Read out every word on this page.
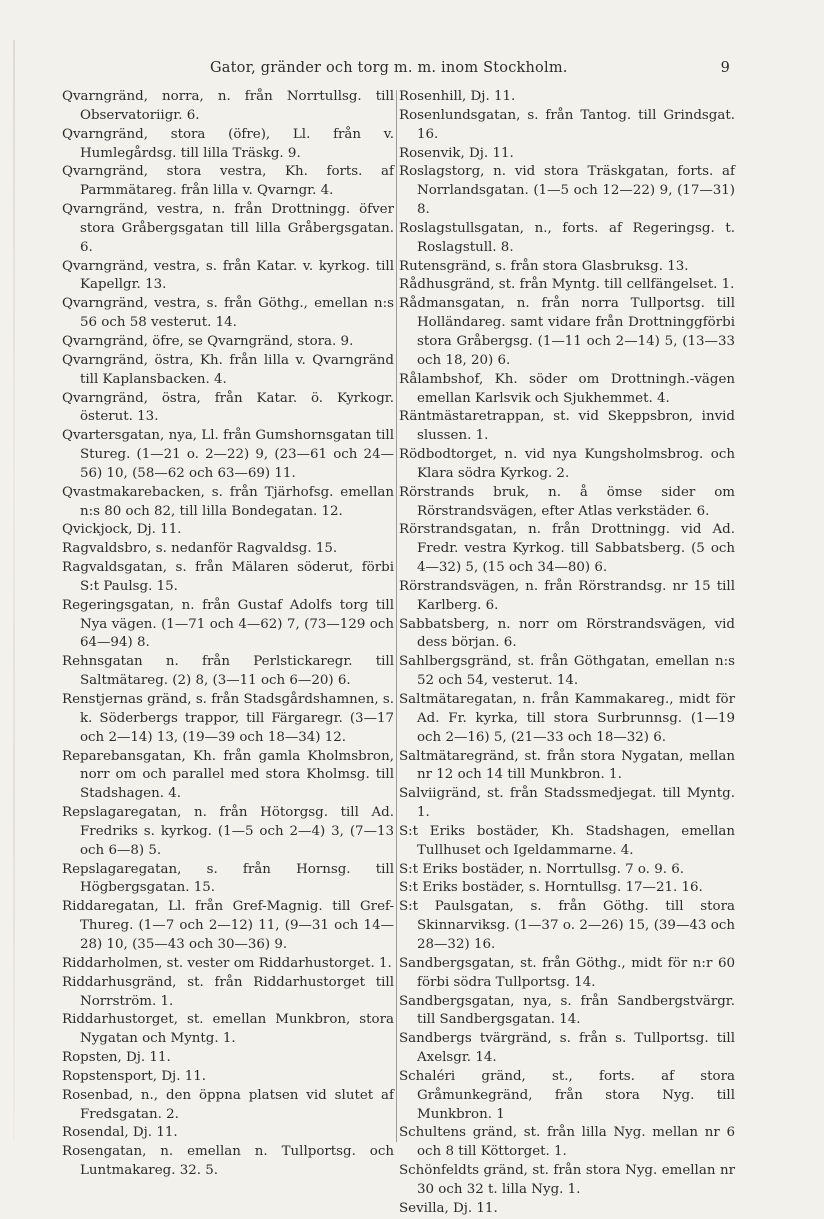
Gator, gränder och torg m. m. inom Stockholm.	9
Qvarngränd, norra, n. från Norrtullsg. till Observatoriigr. 6.
Qvarngränd, stora (öfre), Ll. från v. Humlegårdsg. till lilla Träskg. 9.
Qvarngränd, stora vestra, Kh. forts. af Parmmätareg. från lilla v. Qvarngr. 4.
Qvarngränd, vestra, n. från Drottningg. öfver stora Gråbergsgatan till lilla Gråbergsgatan. 6.
Qvarngränd, vestra, s. från Katar. v. kyrkog. till Kapellgr. 13.
Qvarngränd, vestra, s. från Göthg., emellan n:s 56 och 58 vesterut. 14.
Qvarngränd, öfre, se Qvarngränd, stora. 9.
Qvarngränd, östra, Kh. från lilla v. Qvarngränd till Kaplansbacken. 4.
Qvarngränd, östra, från Katar. ö. Kyrkogr. österut. 13.
Qvartersgatan, nya, Ll. från Gumshornsgatan till Stureg. (1—21 o. 2—22) 9, (23—61 och 24—56) 10, (58—62 och 63—69) 11.
Qvastmakarebacken, s. från Tjärhofsg. emellan n:s 80 och 82, till lilla Bondegatan. 12.
Qvickjock, Dj. 11.
Ragvaldsbro, s. nedanför Ragvaldsg. 15.
Ragvaldsgatan, s. från Mälaren söderut, förbi S:t Paulsg. 15.
Regeringsgatan, n. från Gustaf Adolfs torg till Nya vägen. (1—71 och 4—62) 7, (73—129 och 64—94) 8.
Rehnsgatan n. från Perlstickaregr. till Saltmätareg. (2) 8, (3—11 och 6—20) 6.
Renstjernas gränd, s. från Stadsgårdshamnen, s. k. Söderbergs trappor, till Färgaregr. (3—17 och 2—14) 13, (19—39 och 18—34) 12.
Reparebansgatan, Kh. från gamla Kholmsbron, norr om och parallel med stora Kholmsg. till Stadshagen. 4.
Repslagaregatan, n. från Hötorgsg. till Ad. Fredriks s. kyrkog. (1—5 och 2—4) 3, (7—13 och 6—8) 5.
Repslagaregatan, s. från Hornsg. till Högbergsgatan. 15.
Riddaregatan, Ll. från Gref-Magnig. till Gref-Thureg. (1—7 och 2—12) 11, (9—31 och 14—28) 10, (35—43 och 30—36) 9.
Riddarholmen, st. vester om Riddarhustorget. 1.
Riddarhusgränd, st. från Riddarhustorget till Norrström. 1.
Riddarhustorget, st. emellan Munkbron, stora Nygatan och Myntg. 1.
Ropsten, Dj. 11.
Ropstensport, Dj. 11.
Rosenbad, n., den öppna platsen vid slutet af Fredsgatan. 2.
Rosendal, Dj. 11.
Rosengatan, n. emellan n. Tullportsg. och Luntmakareg. 32. 5.
Rosenhill, Dj. 11.
Rosenlundsgatan, s. från Tantog. till Grindsgat. 16.
Rosenvik, Dj. 11.
Roslagstorg, n. vid stora Träskgatan, forts. af Norrlandsgatan. (1—5 och 12—22) 9, (17—31) 8.
Roslagstullsgatan, n., forts. af Regeringsg. t. Roslagstull. 8.
Rutensgränd, s. från stora Glasbruksg. 13.
Rådhusgränd, st. från Myntg. till cellfängelset. 1.
Rådmansgatan, n. från norra Tullportsg. till Holländareg. samt vidare från Drottninggförbi stora Gråbergsg. (1—11 och 2—14) 5, (13—33 och 18, 20) 6.
Rålambshof, Kh. söder om Drottningh.-vägen emellan Karlsvik och Sjukhemmet. 4.
Räntmästaretrappan, st. vid Skeppsbron, invid slussen. 1.
Rödbodtorget, n. vid nya Kungsholmsbrog. och Klara södra Kyrkog. 2.
Rörstrands bruk, n. å ömse sider om Rörstrandsvägen, efter Atlas verkstäder. 6.
Rörstrandsgatan, n. från Drottningg. vid Ad. Fredr. vestra Kyrkog. till Sabbatsberg. (5 och 4—32) 5, (15 och 34—80) 6.
Rörstrandsvägen, n. från Rörstrandsg. nr 15 till Karlberg. 6.
Sabbatsberg, n. norr om Rörstrandsvägen, vid dess början. 6.
Sahlbergsgränd, st. från Göthgatan, emellan n:s 52 och 54, vesterut. 14.
Saltmätaregatan, n. från Kammakareg., midt för Ad. Fr. kyrka, till stora Surbrunnsg. (1—19 och 2—16) 5, (21—33 och 18—32) 6.
Saltmätaregränd, st. från stora Nygatan, mellan nr 12 och 14 till Munkbron. 1.
Salviigränd, st. från Stadssmedjegat. till Myntg. 1.
S:t Eriks bostäder, Kh. Stadshagen, emellan Tullhuset och Igeldammarne. 4.
S:t Eriks bostäder, n. Norrtullsg. 7 o. 9. 6.
S:t Eriks bostäder, s. Horntullsg. 17—21. 16.
S:t Paulsgatan, s. från Göthg. till stora Skinnarviksg. (1—37 o. 2—26) 15, (39—43 och 28—32) 16.
Sandbergsgatan, st. från Göthg., midt för n:r 60 förbi södra Tullportsg. 14.
Sandbergsgatan, nya, s. från Sandbergstvärgr. till Sandbergsgatan. 14.
Sandbergs tvärgränd, s. från s. Tullportsg. till Axelsgr. 14.
Schaléri gränd, st., forts. af stora Gråmunkegränd, från stora Nyg. till Munkbron. 1
Schultens gränd, st. från lilla Nyg. mellan nr 6 och 8 till Köttorget. 1.
Schönfeldts gränd, st. från stora Nyg. emellan nr 30 och 32 t. lilla Nyg. 1.
Sevilla, Dj. 11.
